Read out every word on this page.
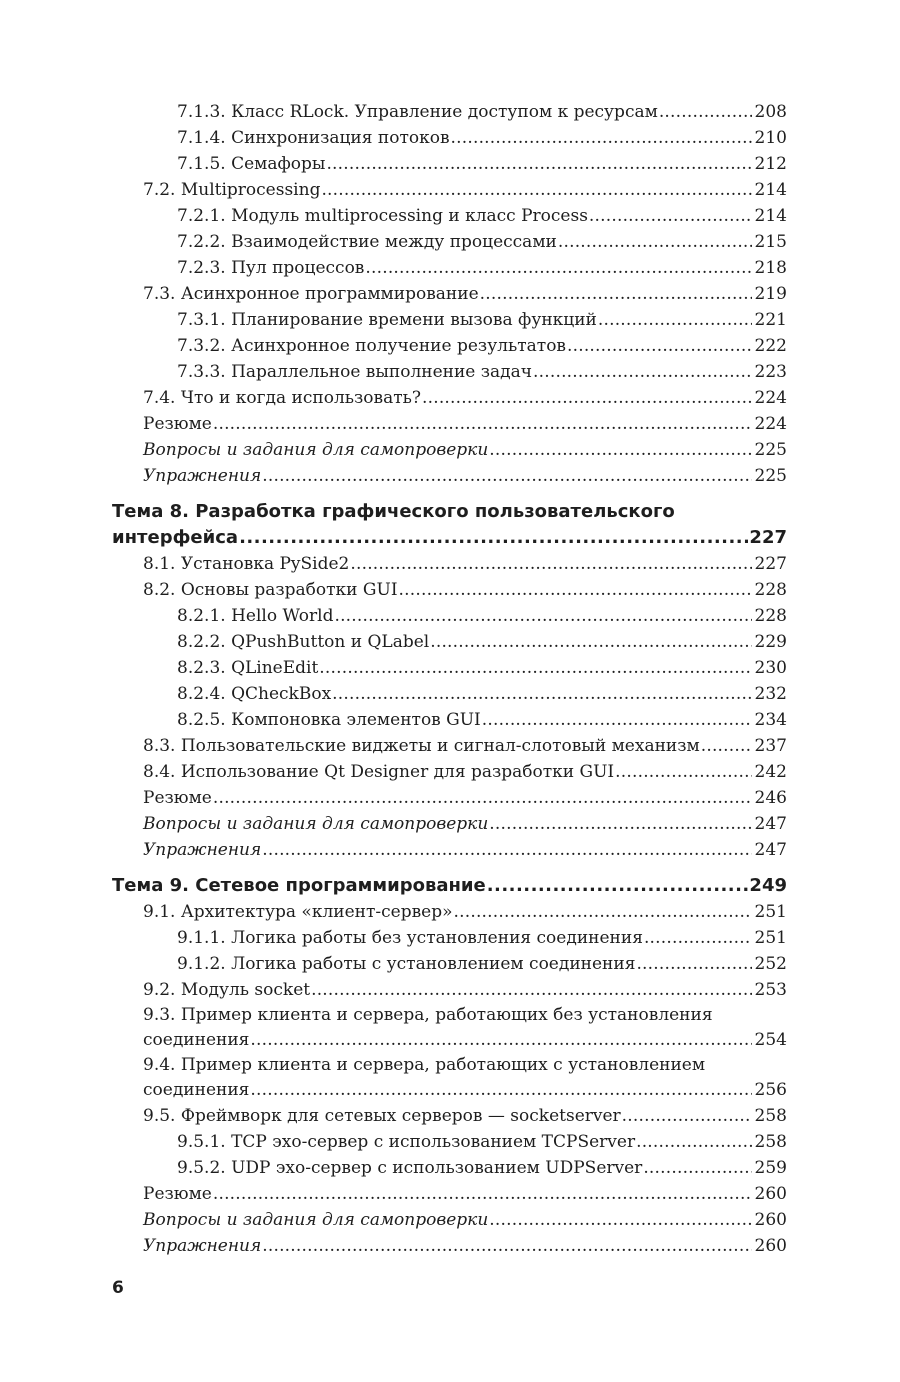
7.1.3. Класс RLock. Управление доступом к ресурсам . . .	208
7.1.4. Синхронизация потоков . . .	210
7.1.5. Семафоры . . .	212
7.2. Multiprocessing . . .	214
7.2.1. Модуль multiprocessing и класс Process . . .	214
7.2.2. Взаимодействие между процессами . . .	215
7.2.3. Пул процессов . . .	218
7.3. Асинхронное программирование . . .	219
7.3.1. Планирование времени вызова функций . . .	221
7.3.2. Асинхронное получение результатов . . .	222
7.3.3. Параллельное выполнение задач . . .	223
7.4. Что и когда использовать? . . .	224
Резюме . . .	224
Вопросы и задания для самопроверки . . .	225
Упражнения . . .	225
Тема 8. Разработка графического пользовательского
интерфейса . . .	227
8.1. Установка PySide2 . . .	227
8.2. Основы разработки GUI . . .	228
8.2.1. Hello World . . .	228
8.2.2. QPushButton и QLabel . . .	229
8.2.3. QLineEdit . . .	230
8.2.4. QCheckBox . . .	232
8.2.5. Компоновка элементов GUI . . .	234
8.3. Пользовательские виджеты и сигнал-слотовый механизм . . .	237
8.4. Использование Qt Designer для разработки GUI . . .	242
Резюме . . .	246
Вопросы и задания для самопроверки . . .	247
Упражнения . . .	247
Тема 9. Сетевое программирование . . .	249
9.1. Архитектура «клиент-сервер» . . .	251
9.1.1. Логика работы без установления соединения . . .	251
9.1.2. Логика работы с установлением соединения . . .	252
9.2. Модуль socket . . .	253
9.3. Пример клиента и сервера, работающих без установления
соединения . . .	254
9.4. Пример клиента и сервера, работающих с установлением
соединения . . .	256
9.5. Фреймворк для сетевых серверов — socketserver . . .	258
9.5.1. TCP эхо-сервер с использованием TCPServer . . .	258
9.5.2. UDP эхо-сервер с использованием UDPServer . . .	259
Резюме . . .	260
Вопросы и задания для самопроверки . . .	260
Упражнения . . .	260
6
